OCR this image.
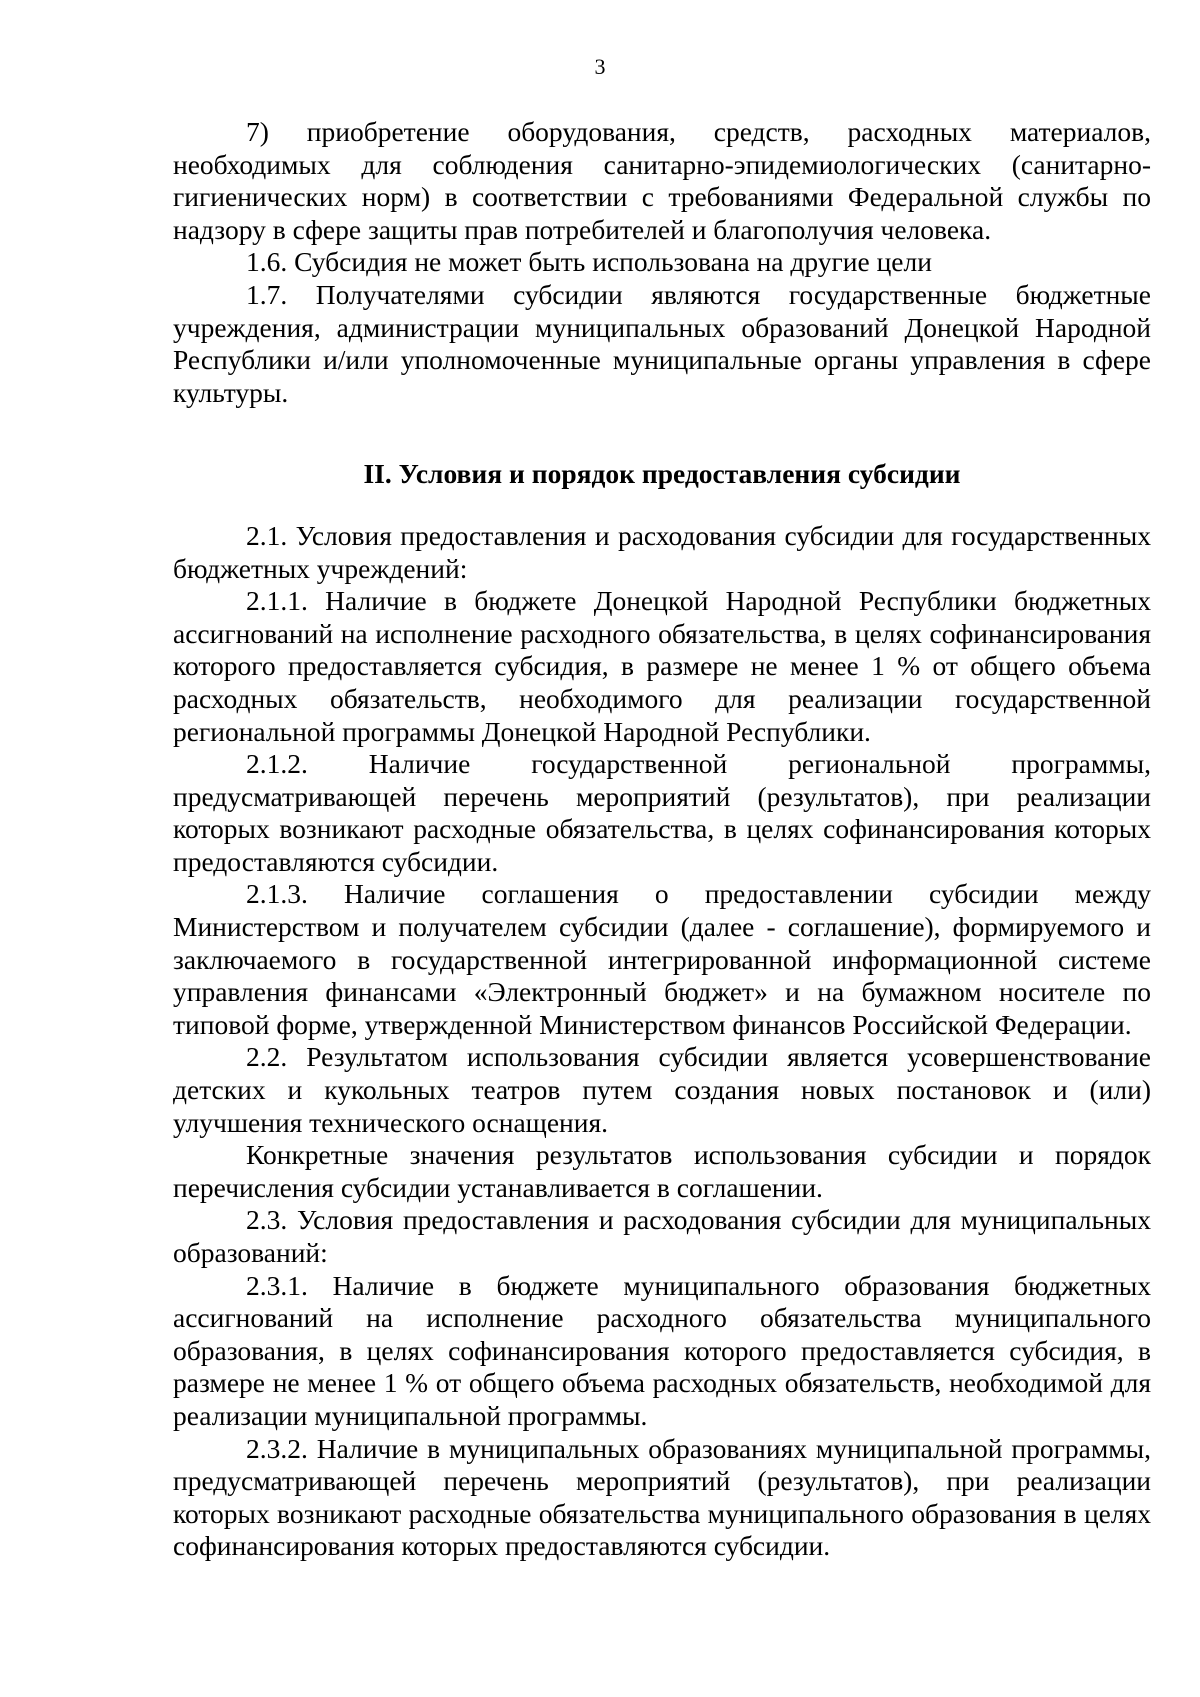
3

7) приобретение оборудования, средств, расходных материалов, необходимых для соблюдения санитарно-эпидемиологических (санитарно-гигиенических норм) в соответствии с требованиями Федеральной службы по надзору в сфере защиты прав потребителей и благополучия человека.

1.6. Субсидия не может быть использована на другие цели

1.7. Получателями субсидии являются государственные бюджетные учреждения, администрации муниципальных образований Донецкой Народной Республики и/или уполномоченные муниципальные органы управления в сфере культуры.

II. Условия и порядок предоставления субсидии

2.1. Условия предоставления и расходования субсидии для государственных бюджетных учреждений:

2.1.1. Наличие в бюджете Донецкой Народной Республики бюджетных ассигнований на исполнение расходного обязательства, в целях софинансирования которого предоставляется субсидия, в размере не менее 1 % от общего объема расходных обязательств, необходимого для реализации государственной региональной программы Донецкой Народной Республики.

2.1.2. Наличие государственной региональной программы, предусматривающей перечень мероприятий (результатов), при реализации которых возникают расходные обязательства, в целях софинансирования которых предоставляются субсидии.

2.1.3. Наличие соглашения о предоставлении субсидии между Министерством и получателем субсидии (далее - соглашение), формируемого и заключаемого в государственной интегрированной информационной системе управления финансами «Электронный бюджет» и на бумажном носителе по типовой форме, утвержденной Министерством финансов Российской Федерации.

2.2. Результатом использования субсидии является усовершенствование детских и кукольных театров путем создания новых постановок и (или) улучшения технического оснащения.

Конкретные значения результатов использования субсидии и порядок перечисления субсидии устанавливается в соглашении.

2.3. Условия предоставления и расходования субсидии для муниципальных образований:

2.3.1. Наличие в бюджете муниципального образования бюджетных ассигнований на исполнение расходного обязательства муниципального образования, в целях софинансирования которого предоставляется субсидия, в размере не менее 1 % от общего объема расходных обязательств, необходимой для реализации муниципальной программы.

2.3.2. Наличие в муниципальных образованиях муниципальной программы, предусматривающей перечень мероприятий (результатов), при реализации которых возникают расходные обязательства муниципального образования в целях софинансирования которых предоставляются субсидии.
